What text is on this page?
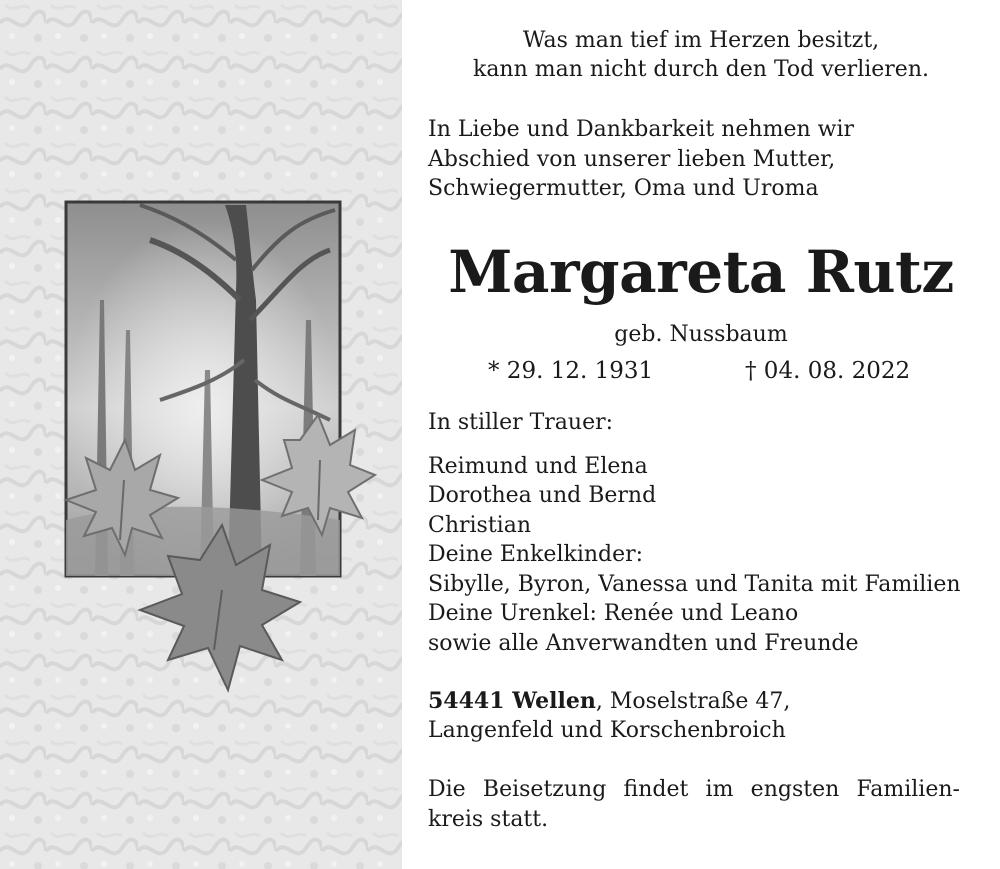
Was man tief im Herzen besitzt,

kann man nicht durch den Tod verlieren.

In Liebe und Dankbarkeit nehmen wir

Abschied von unserer lieben Mutter,

Schwiegermutter, Oma und Uroma

Margareta Rutz

geb. Nussbaum

* 29. 12. 1931	† 04. 08. 2022

In stiller Trauer:

Reimund und Elena

Dorothea und Bernd

Christian

Deine Enkelkinder:

Sibylle, Byron, Vanessa und Tanita mit Familien

Deine Urenkel: Renée und Leano

sowie alle Anverwandten und Freunde

54441 Wellen, Moselstraße 47,

Langenfeld und Korschenbroich

Die Beisetzung findet im engsten Familien-

kreis statt.
